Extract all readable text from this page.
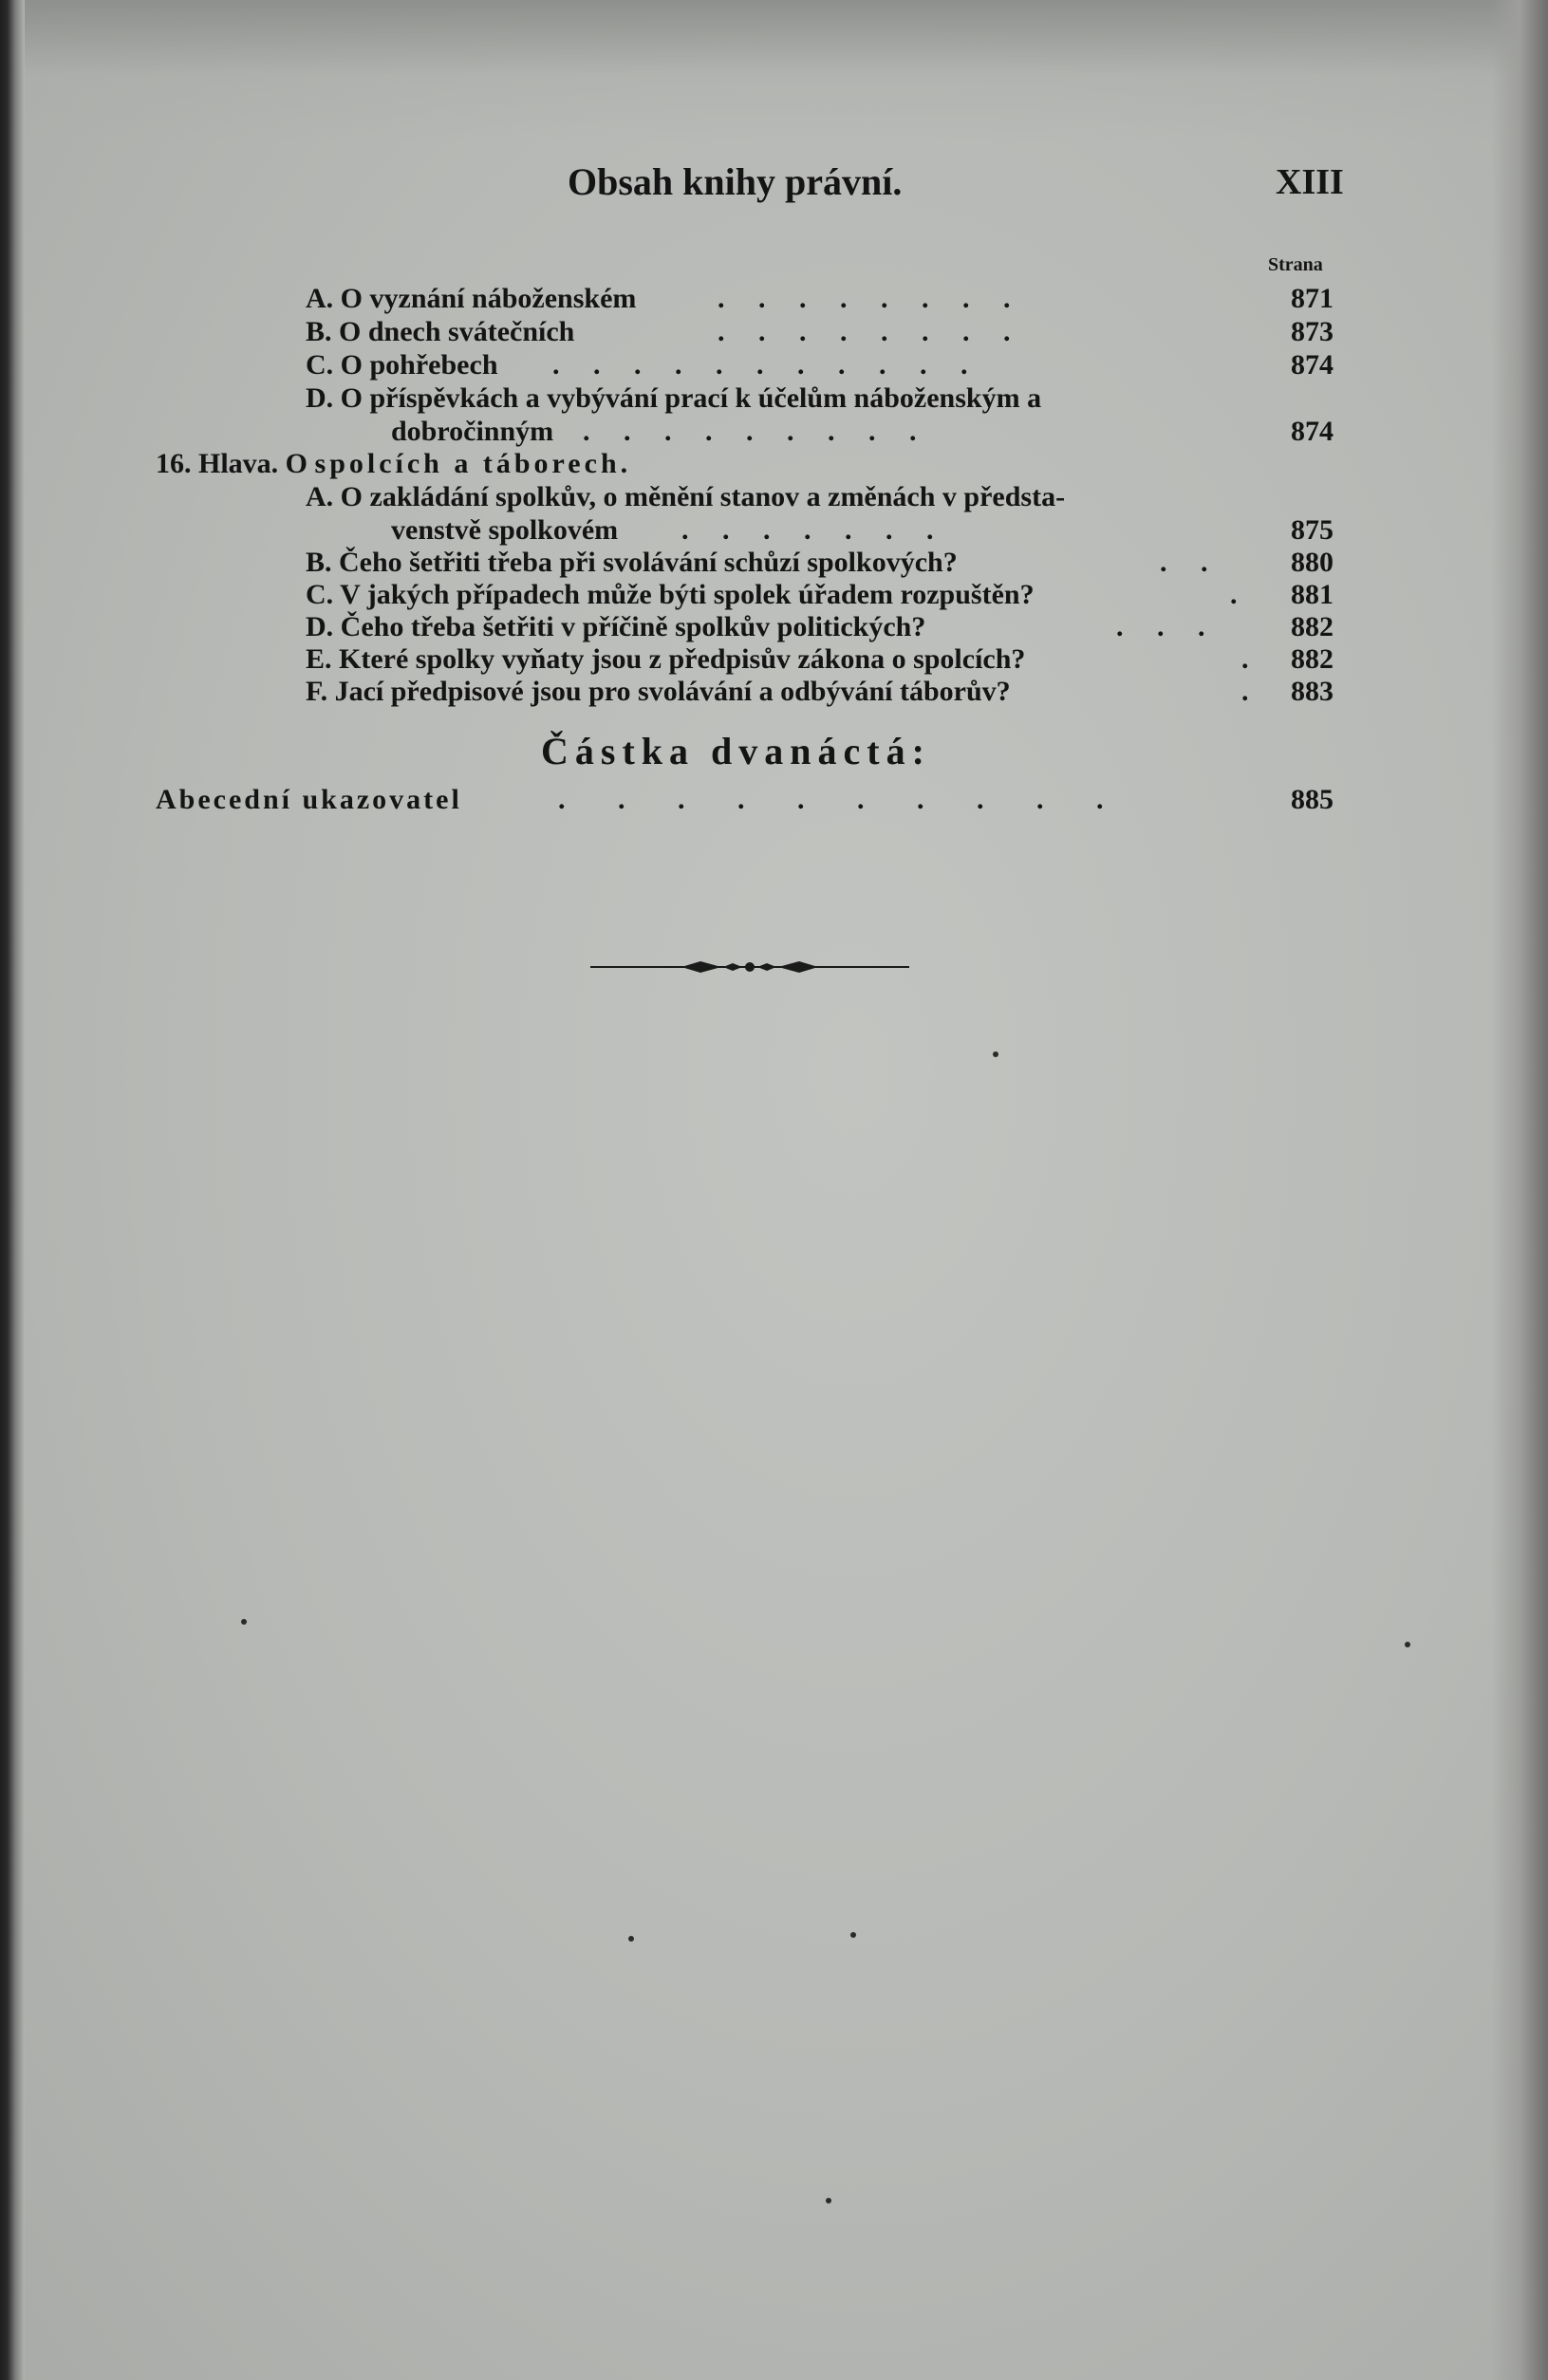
Obsah knihy právní.	XIII
Strana
A. O vyznání náboženském	. . . . . . . .	871
B. O dnech svátečních	. . . . . . . .	873
C. O pohřebech . . . . . . . . . . .	874
D. O příspěvkách a vybývání prací k účelům náboženským a
dobročinným . . . . . . . . .	874
16. Hlava. O spolcích a táborech.
A. O zakládání spolkův, o měnění stanov a změnách v předsta-
venstvě spolkovém . . . . . . .	875
B. Čeho šetřiti třeba při svolávání schůzí spolkových?	. . 880
C. V jakých případech může býti spolek úřadem rozpuštěn?	. 881
D. Čeho třeba šetřiti v příčině spolkův politických?	. . .	882
E. Které spolky vyňaty jsou z předpisův zákona o spolcích?	. 882
F. Jací předpisové jsou pro svolávání a odbývání táborův?	. 883
Částka dvanáctá:
Abecední ukazovatel	. . . . . . . . . .	885
